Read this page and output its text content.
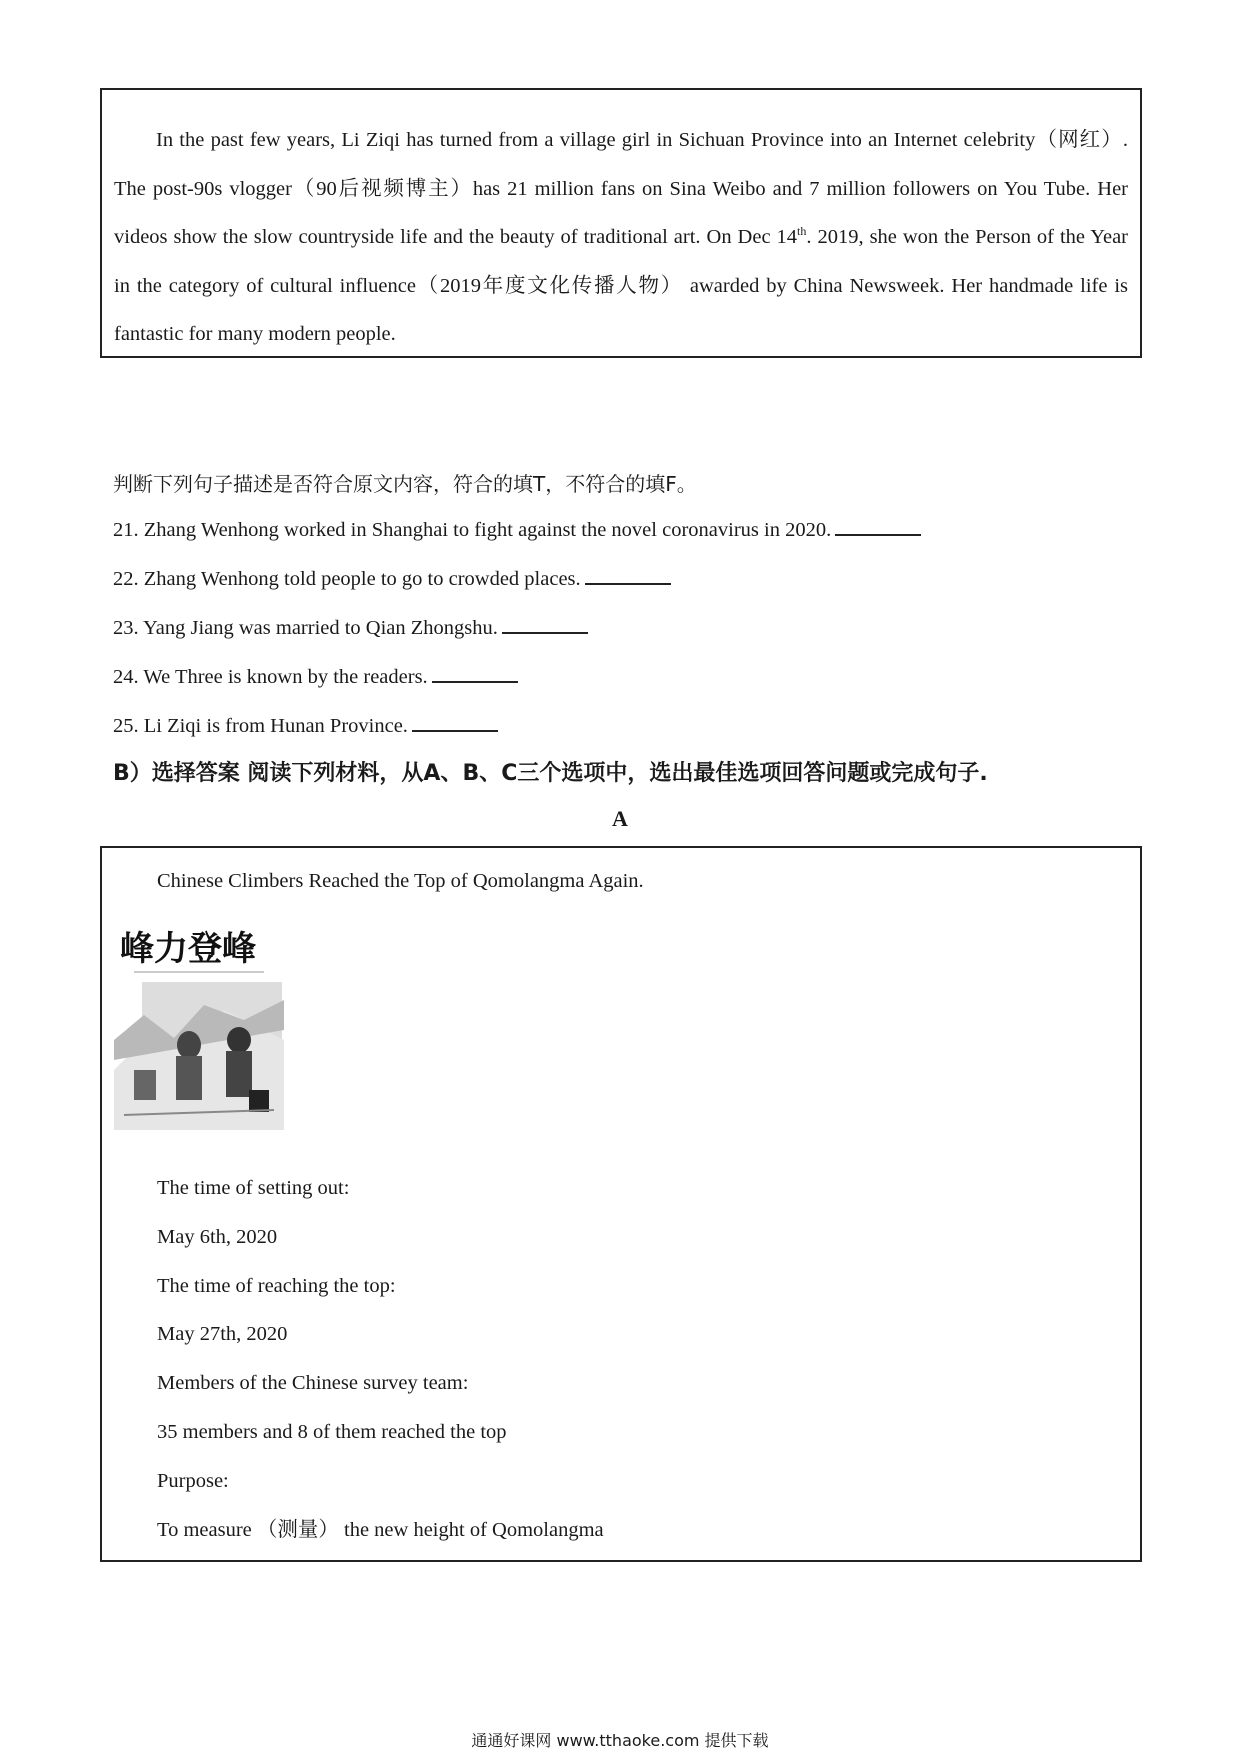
In the past few years, Li Ziqi has turned from a village girl in Sichuan Province into an Internet celebrity（网红）. The post-90s vlogger（90后视频博主）has 21 million fans on Sina Weibo and 7 million followers on You Tube. Her videos show the slow countryside life and the beauty of traditional art. On Dec 14th. 2019, she won the Person of the Year in the category of cultural influence（2019年度文化传播人物） awarded by China Newsweek. Her handmade life is fantastic for many modern people.

判断下列句子描述是否符合原文内容，符合的填T，不符合的填F。
21. Zhang Wenhong worked in Shanghai to fight against the novel coronavirus in 2020.
22. Zhang Wenhong told people to go to crowded places.
23. Yang Jiang was married to Qian Zhongshu.
24. We Three is known by the readers.
25. Li Ziqi is from Hunan Province.
B）选择答案 阅读下列材料，从A、B、C三个选项中，选出最佳选项回答问题或完成句子.
A
Chinese Climbers Reached the Top of Qomolangma Again.
峰力登峰
The time of setting out:
May 6th, 2020
The time of reaching the top:
May 27th, 2020
Members of the Chinese survey team:
35 members and 8 of them reached the top
Purpose:
To measure （测量） the new height of Qomolangma
通通好课网 www.tthaoke.com 提供下载
